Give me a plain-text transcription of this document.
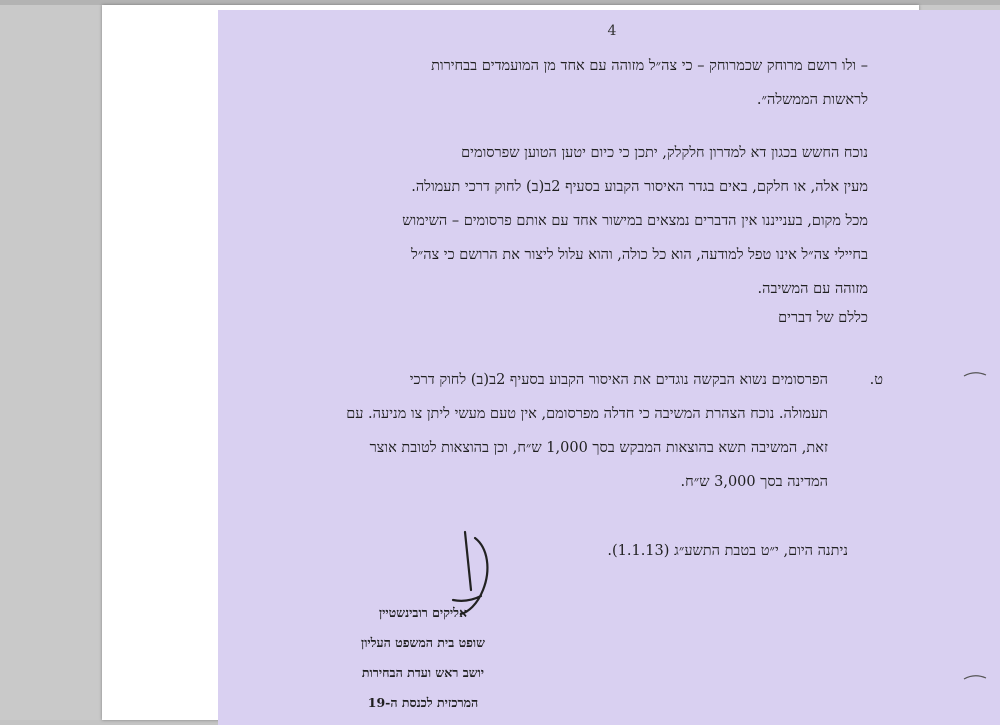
4
– ולו רושם מרוחק שכמרוחק – כי צה״ל מזוהה עם אחד מן המועמדים בבחירות
לראשות הממשלה״.
נוכח החשש בכגון דא למדרון חלקלק, יתכן כי כיום יטען הטוען שפרסומים
מעין אלה, או חלקם, באים בגדר האיסור הקבוע בסעיף 2ב(ב) לחוק דרכי תעמולה.
מכל מקום, בענייננו אין הדברים נמצאים במישור אחד עם אותם פרסומים – השימוש
בחיילי צה״ל אינו טפל למודעה, הוא כל כולה, והוא עלול ליצור את הרושם כי צה״ל
מזוהה עם המשיבה.
כללם של דברים
ט.
הפרסומים נשוא הבקשה נוגדים את האיסור הקבוע בסעיף 2ב(ב) לחוק דרכי
תעמולה. נוכח הצהרת המשיבה כי חדלה מפרסומם, אין טעם מעשי ליתן צו מניעה. עם
זאת, המשיבה תשא בהוצאות המבקש בסך 1,000 ש״ח, וכן בהוצאות לטובת אוצר
המדינה בסך 3,000 ש״ח.
ניתנה היום, י״ט בטבת התשע״ג (1.1.13).
אליקים רובינשטיין
שופט בית המשפט העליון
יושב ראש ועדת הבחירות
המרכזית לכנסת ה-19
